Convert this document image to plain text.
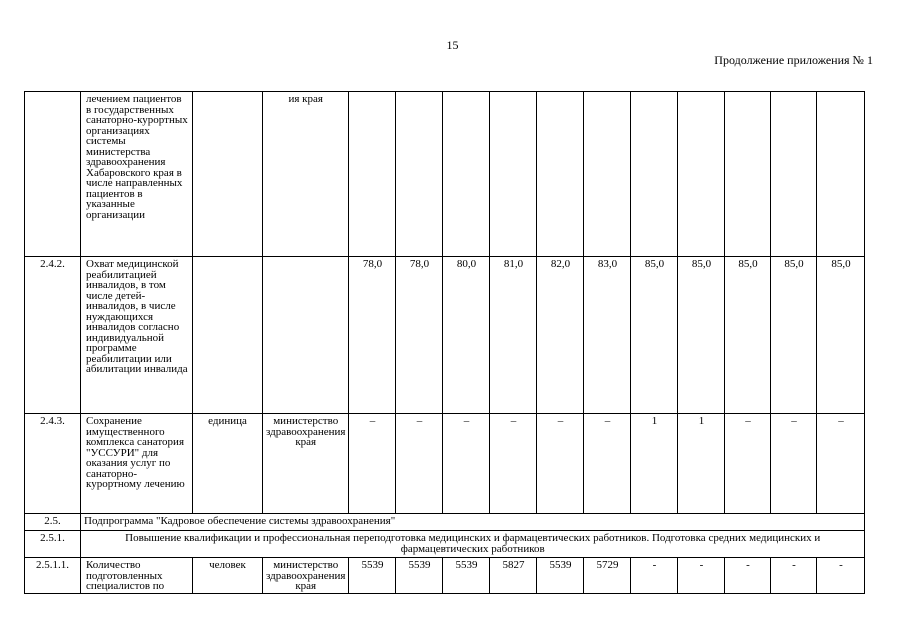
15
Продолжение приложения № 1
	лечением пациентов в государственных санаторно-курортных организациях системы министерства здравоохранения Хабаровского края в числе направленных пациентов в указанные организации		ия края											
2.4.2.	Охват медицинской реабилитацией инвалидов, в том числе детей-инвалидов, в числе нуждающихся инвалидов согласно индивидуальной программе реабилитации или абилитации инвалида			78,0	78,0	80,0	81,0	82,0	83,0	85,0	85,0	85,0	85,0	85,0
2.4.3.	Сохранение имущественного комплекса санатория "УССУРИ" для оказания услуг по санаторно-курортному лечению	единица	министерство здравоохранения края	–	–	–	–	–	–	1	1	–	–	–
2.5.	Подпрограмма "Кадровое обеспечение системы здравоохранения"													
2.5.1.	Повышение квалификации и профессиональная переподготовка медицинских и фармацевтических работников. Подготовка средних медицинских и фармацевтических работников													
2.5.1.1.	Количество подготовленных специалистов по	человек	министерство здравоохранения края	5539	5539	5539	5827	5539	5729	-	-	-	-	-
